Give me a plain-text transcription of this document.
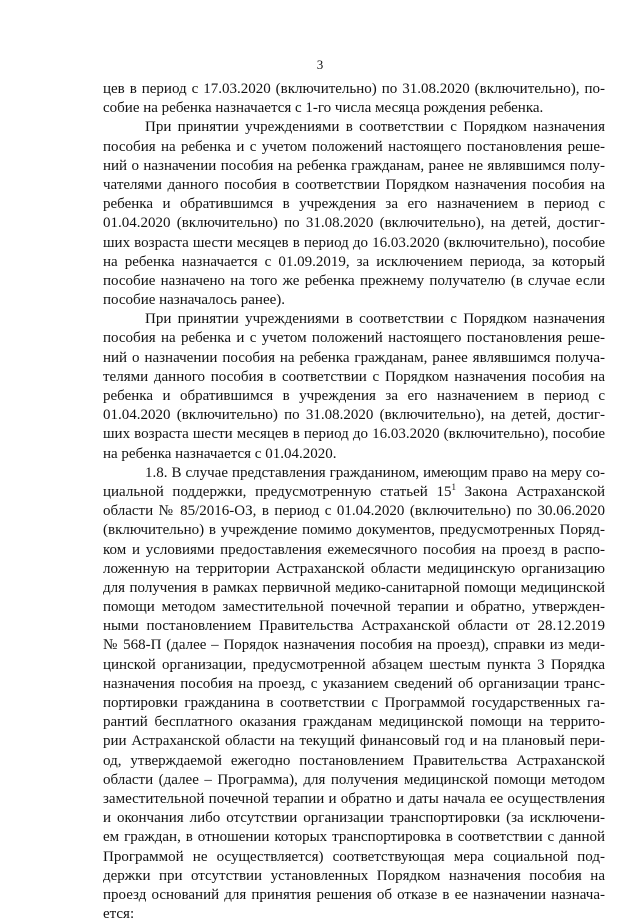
3
цев в период с 17.03.2020 (включительно) по 31.08.2020 (включительно), по-
собие на ребенка назначается с 1-го числа месяца рождения ребенка.
При принятии учреждениями в соответствии с Порядком назначения
пособия на ребенка и с учетом положений настоящего постановления реше-
ний о назначении пособия на ребенка гражданам, ранее не являвшимся полу-
чателями данного пособия в соответствии Порядком назначения пособия на
ребенка и обратившимся в учреждения за его назначением в период с
01.04.2020 (включительно) по 31.08.2020 (включительно), на детей, достиг-
ших возраста шести месяцев в период до 16.03.2020 (включительно), пособие
на ребенка назначается с 01.09.2019, за исключением периода, за который
пособие назначено на того же ребенка прежнему получателю (в случае если
пособие назначалось ранее).
При принятии учреждениями в соответствии с Порядком назначения
пособия на ребенка и с учетом положений настоящего постановления реше-
ний о назначении пособия на ребенка гражданам, ранее являвшимся получа-
телями данного пособия в соответствии с Порядком назначения пособия на
ребенка и обратившимся в учреждения за его назначением в период с
01.04.2020 (включительно) по 31.08.2020 (включительно), на детей, достиг-
ших возраста шести месяцев в период до 16.03.2020 (включительно), пособие
на ребенка назначается с 01.04.2020.
1.8. В случае представления гражданином, имеющим право на меру со-
циальной поддержки, предусмотренную статьей $15^1$ Закона Астраханской
области № 85/2016-ОЗ, в период с 01.04.2020 (включительно) по 30.06.2020
(включительно) в учреждение помимо документов, предусмотренных Поряд-
ком и условиями предоставления ежемесячного пособия на проезд в распо-
ложенную на территории Астраханской области медицинскую организацию
для получения в рамках первичной медико-санитарной помощи медицинской
помощи методом заместительной почечной терапии и обратно, утвержден-
ными постановлением Правительства Астраханской области от 28.12.2019
№ 568-П (далее – Порядок назначения пособия на проезд), справки из меди-
цинской организации, предусмотренной абзацем шестым пункта 3 Порядка
назначения пособия на проезд, с указанием сведений об организации транс-
портировки гражданина в соответствии с Программой государственных га-
рантий бесплатного оказания гражданам медицинской помощи на террито-
рии Астраханской области на текущий финансовый год и на плановый пери-
од, утверждаемой ежегодно постановлением Правительства Астраханской
области (далее – Программа), для получения медицинской помощи методом
заместительной почечной терапии и обратно и даты начала ее осуществления
и окончания либо отсутствии организации транспортировки (за исключени-
ем граждан, в отношении которых транспортировка в соответствии с данной
Программой не осуществляется) соответствующая мера социальной под-
держки при отсутствии установленных Порядком назначения пособия на
проезд оснований для принятия решения об отказе в ее назначении назнача-
ется:
